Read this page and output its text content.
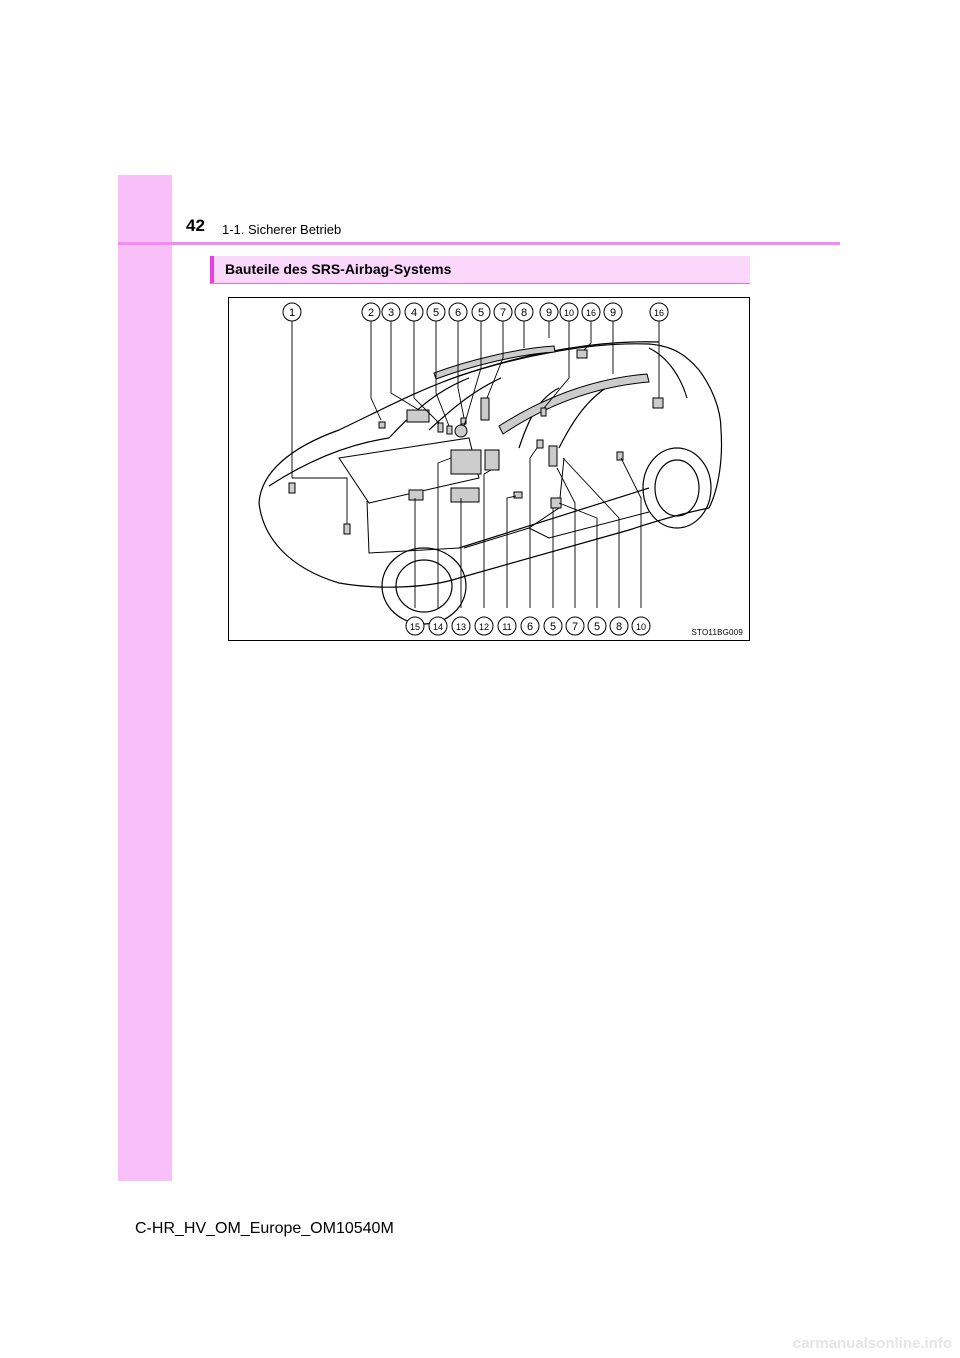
42 1-1. Sicherer Betrieb
Bauteile des SRS-Airbag-Systems
1	2 3 4 5 6 5 7 8 9 10 16 9	16
15 14 13 12 11 6 5 7 5 8 10
STO11BG009
C-HR_HV_OM_Europe_OM10540M
carmanualsonline.info
